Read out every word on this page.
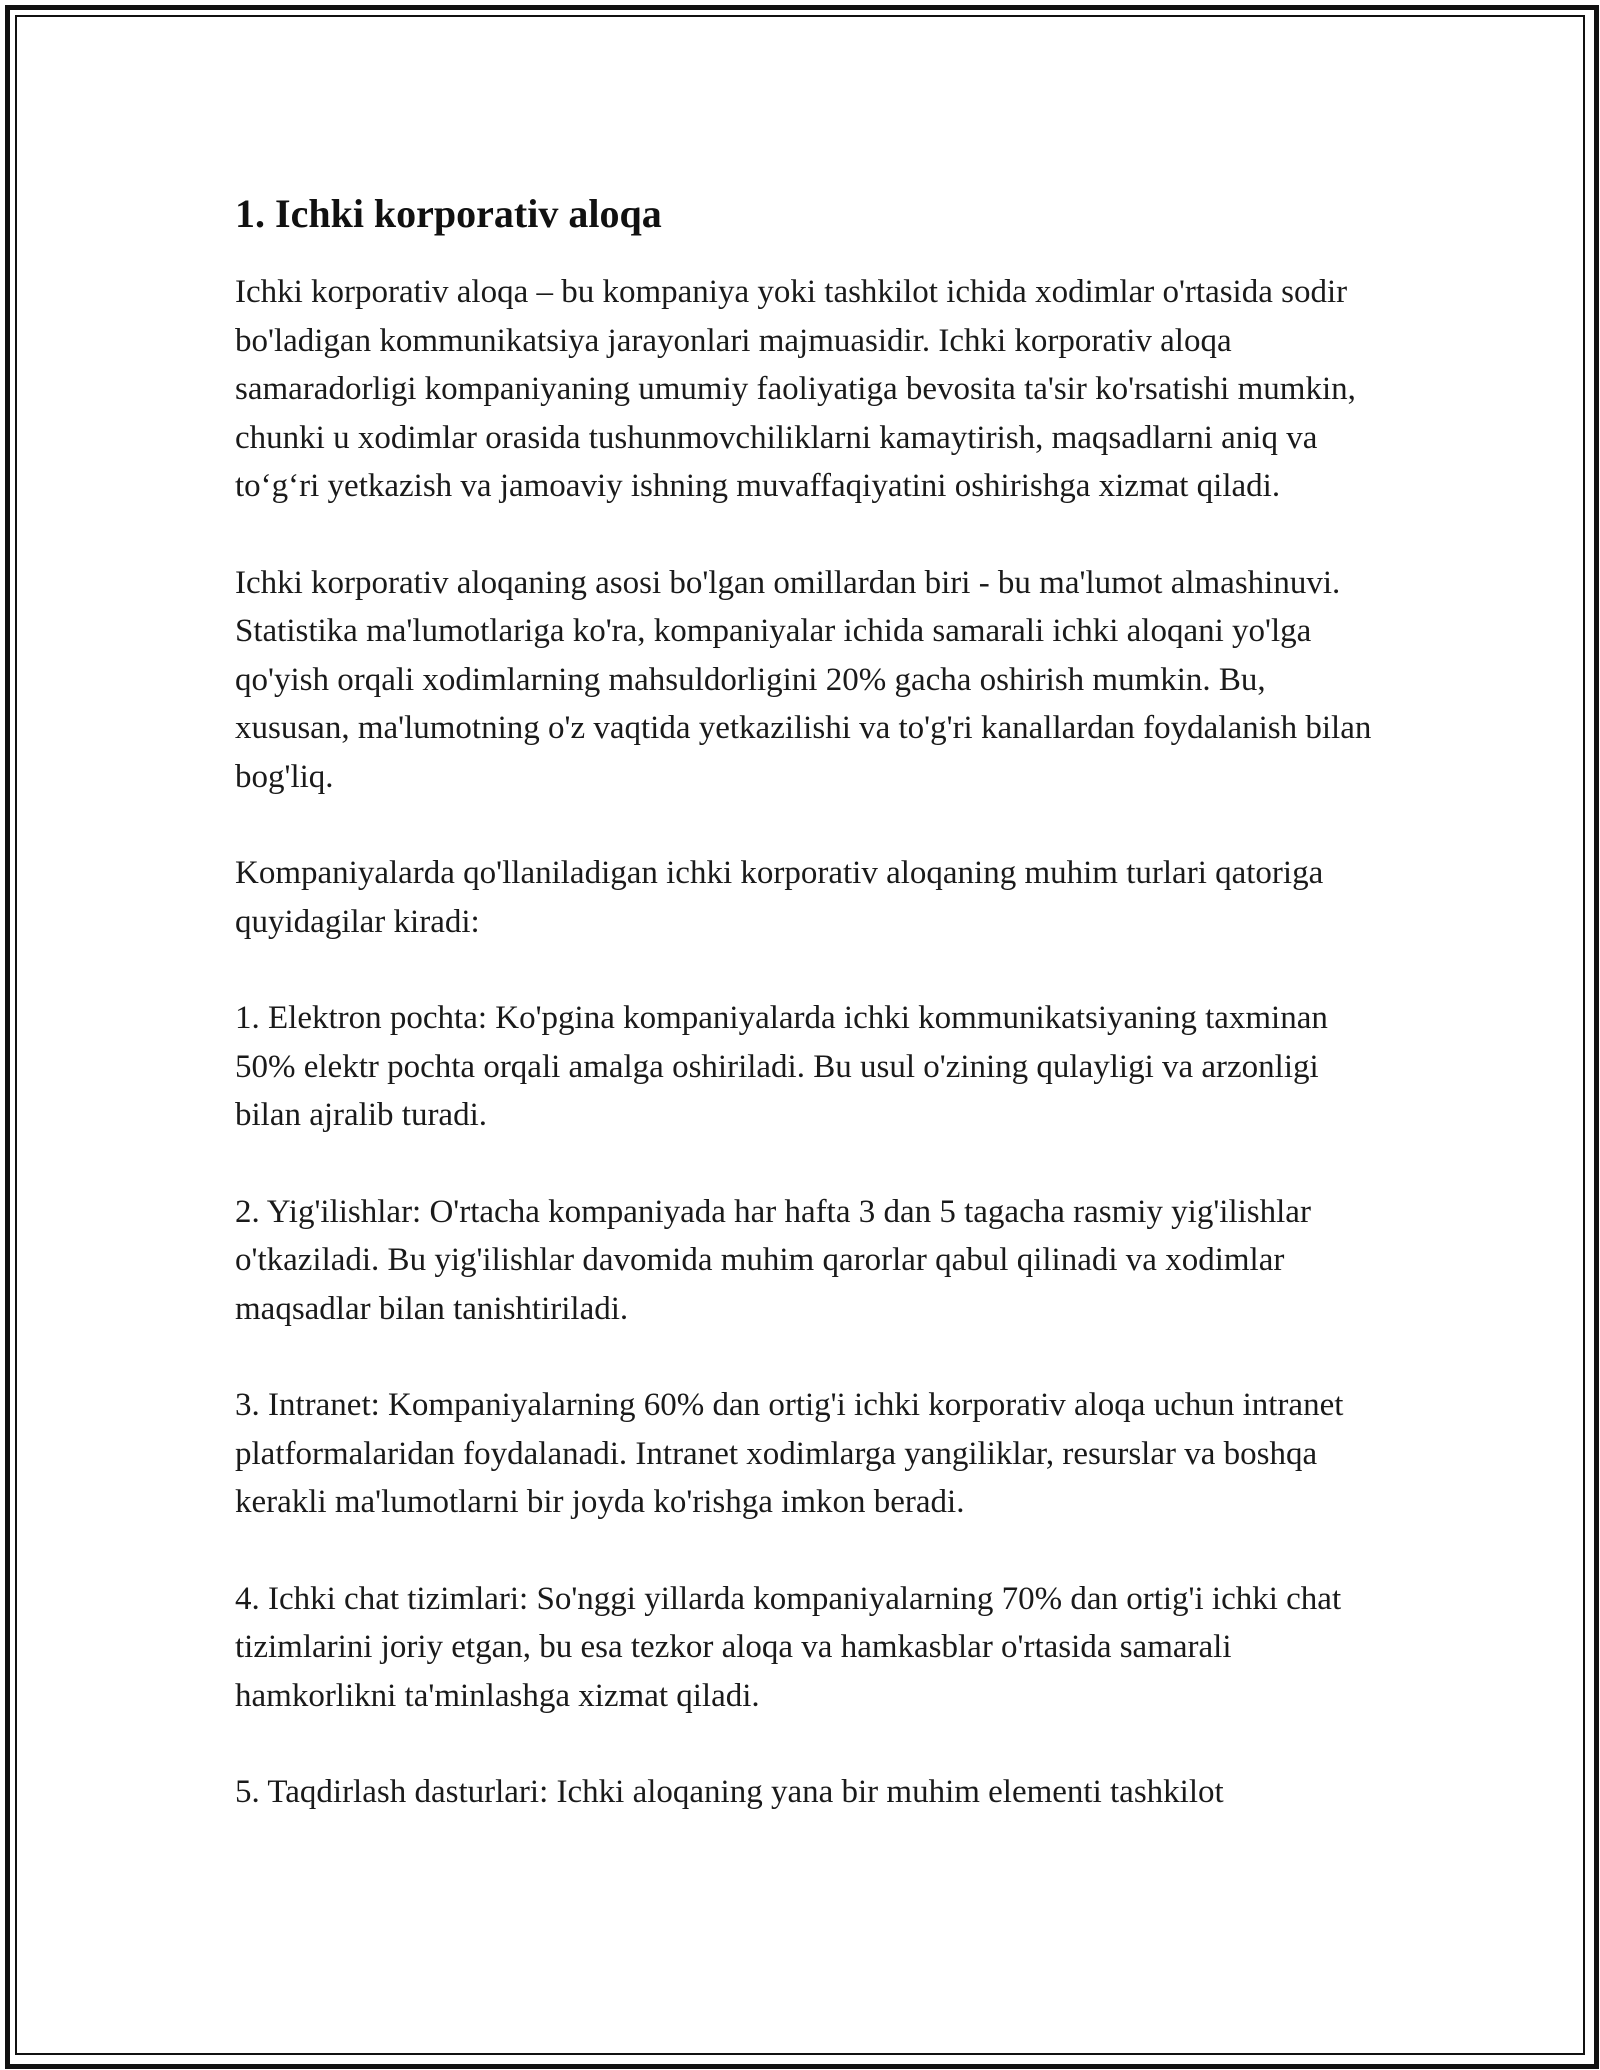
1. Ichki korporativ aloqa

Ichki korporativ aloqa – bu kompaniya yoki tashkilot ichida xodimlar o'rtasida sodir bo'ladigan kommunikatsiya jarayonlari majmuasidir. Ichki korporativ aloqa samaradorligi kompaniyaning umumiy faoliyatiga bevosita ta'sir ko'rsatishi mumkin, chunki u xodimlar orasida tushunmovchiliklarni kamaytirish, maqsadlarni aniq va to‘g‘ri yetkazish va jamoaviy ishning muvaffaqiyatini oshirishga xizmat qiladi.

Ichki korporativ aloqaning asosi bo'lgan omillardan biri - bu ma'lumot almashinuvi. Statistika ma'lumotlariga ko'ra, kompaniyalar ichida samarali ichki aloqani yo'lga qo'yish orqali xodimlarning mahsuldorligini 20% gacha oshirish mumkin. Bu, xususan, ma'lumotning o'z vaqtida yetkazilishi va to'g'ri kanallardan foydalanish bilan bog'liq.

Kompaniyalarda qo'llaniladigan ichki korporativ aloqaning muhim turlari qatoriga quyidagilar kiradi:

1. Elektron pochta: Ko'pgina kompaniyalarda ichki kommunikatsiyaning taxminan 50% elektr pochta orqali amalga oshiriladi. Bu usul o'zining qulayligi va arzonligi bilan ajralib turadi.

2. Yig'ilishlar: O'rtacha kompaniyada har hafta 3 dan 5 tagacha rasmiy yig'ilishlar o'tkaziladi. Bu yig'ilishlar davomida muhim qarorlar qabul qilinadi va xodimlar maqsadlar bilan tanishtiriladi.

3. Intranet: Kompaniyalarning 60% dan ortig'i ichki korporativ aloqa uchun intranet platformalaridan foydalanadi. Intranet xodimlarga yangiliklar, resurslar va boshqa kerakli ma'lumotlarni bir joyda ko'rishga imkon beradi.

4. Ichki chat tizimlari: So'nggi yillarda kompaniyalarning 70% dan ortig'i ichki chat tizimlarini joriy etgan, bu esa tezkor aloqa va hamkasblar o'rtasida samarali hamkorlikni ta'minlashga xizmat qiladi.

5. Taqdirlash dasturlari: Ichki aloqaning yana bir muhim elementi tashkilot
